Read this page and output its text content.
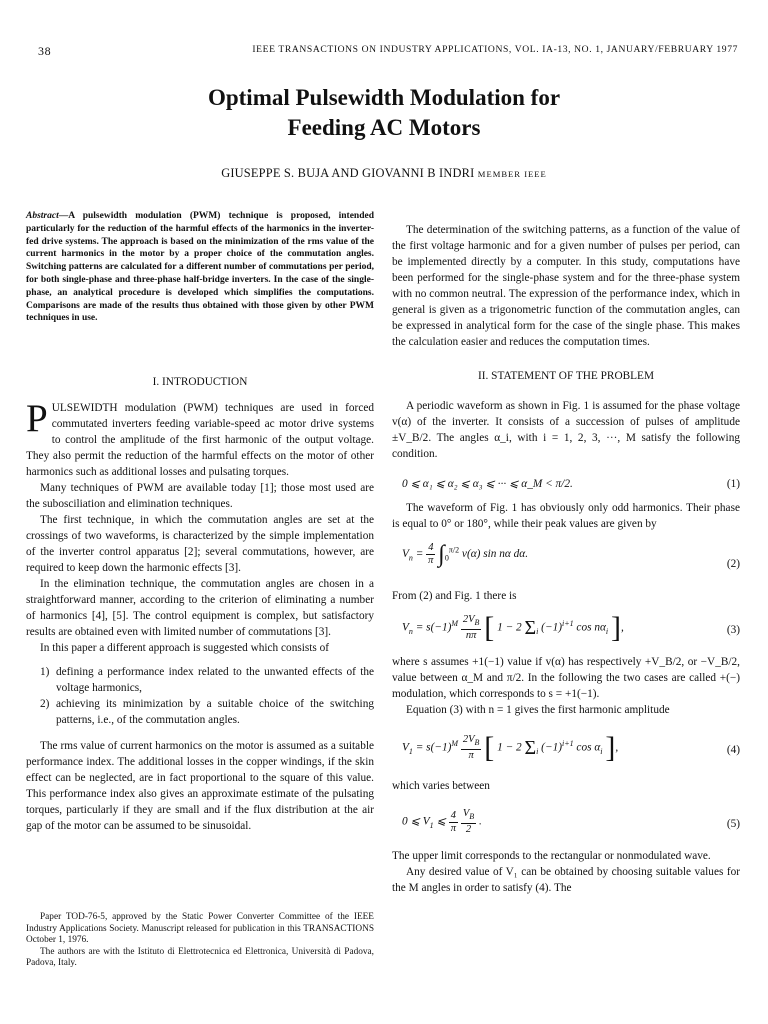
38	IEEE TRANSACTIONS ON INDUSTRY APPLICATIONS, VOL. IA-13, NO. 1, JANUARY/FEBRUARY 1977
Optimal Pulsewidth Modulation for
Feeding AC Motors
GIUSEPPE S. BUJA AND GIOVANNI B INDRI MEMBER IEEE
Abstract—A pulsewidth modulation (PWM) technique is proposed, intended particularly for the reduction of the harmful effects of the harmonics in the inverter-fed drive systems. The approach is based on the minimization of the rms value of the current harmonics in the motor by a proper choice of the commutation angles. Switching patterns are calculated for a different number of commutations per period, for both single-phase and three-phase half-bridge inverters. In the case of the single-phase, an analytical procedure is developed which simplifies the computations. Comparisons are made of the results thus obtained with those given by other PWM techniques in use.

I. INTRODUCTION

PULSEWIDTH modulation (PWM) techniques are used in forced commutated inverters feeding variable-speed ac motor drive systems to control the amplitude of the first harmonic of the output voltage. They also permit the reduction of the harmful effects on the motor of other harmonics such as additional losses and pulsating torques.

Many techniques of PWM are available today [1]; those most used are the subosciliation and elimination techniques.

The first technique, in which the commutation angles are set at the crossings of two waveforms, is characterized by the simple implementation of the inverter control apparatus [2]; several commutations, however, are required to keep down the harmonic effects [3].

In the elimination technique, the commutation angles are chosen in a straightforward manner, according to the criterion of eliminating a number of harmonics [4], [5]. The control equipment is complex, but satisfactory results are obtained even with limited number of commutations [3].

In this paper a different approach is suggested which consists of

1) defining a performance index related to the unwanted effects of the voltage harmonics,
2) achieving its minimization by a suitable choice of the switching patterns, i.e., of the commutation angles.

The rms value of current harmonics on the motor is assumed as a suitable performance index. The additional losses in the copper windings, if the skin effect can be neglected, are in fact proportional to the square of this value. This performance index also gives an approximate estimate of the pulsating torques, particularly if they are small and if the flux distribution at the air gap of the motor can be assumed to be sinusoidal.

Paper TOD-76-5, approved by the Static Power Converter Committee of the IEEE Industry Applications Society. Manuscript released for publication in this TRANSACTIONS October 1, 1976.

The authors are with the Istituto di Elettrotecnica ed Elettronica, Università di Padova, Padova, Italy.

The determination of the switching patterns, as a function of the value of the first voltage harmonic and for a given number of pulses per period, can be implemented directly by a computer. In this study, computations have been performed for the single-phase system and for the three-phase system with no common neutral. The expression of the performance index, which in general is given as a trigonometric function of the commutation angles, can be expressed in analytical form for the case of the single phase. This makes the calculation easier and reduces the computation times.

II. STATEMENT OF THE PROBLEM

A periodic waveform as shown in Fig. 1 is assumed for the phase voltage v(α) of the inverter. It consists of a succession of pulses of amplitude ±V_B/2. The angles α_i, with i = 1, 2, 3, ···, M satisfy the following condition.

0 ⩽ α₁ ⩽ α₂ ⩽ α₃ ⩽ ··· ⩽ α_M < π/2.	(1)

The waveform of Fig. 1 has obviously only odd harmonics. Their phase is equal to 0° or 180°, while their peak values are given by

$V_n = \frac{4}{\pi} \int_0^{\pi/2}$ v(α) sin nα dα.
(2)

From (2) and Fig. 1 there is

$V_n = s(-1)^M \frac{2V_B}{n\pi}$ [ 1 − 2 $\Sigma_i$ $(-1)^{i+1}$ $\cos n\alpha_i$ ],	(3)

where s assumes +1(−1) value if v(α) has respectively +V_B/2, or −V_B/2, value between α_M and π/2. In the following the two cases are called +(−) modulation, which corresponds to s = +1(−1).

Equation (3) with n = 1 gives the first harmonic amplitude

$V_1 = s(-1)^M \frac{2V_B}{\pi}$ [ 1 − 2 $\Sigma_i$ $(-1)^{i+1}$ $\cos \alpha_i$ ],	(4)

which varies between

0 ⩽ $V_1$ ⩽ $\frac{4}{\pi}$
$\frac{V_B}{2}$ .	(5)

The upper limit corresponds to the rectangular or nonmodulated wave.

Any desired value of V₁ can be obtained by choosing suitable values for the M angles in order to satisfy (4). The
